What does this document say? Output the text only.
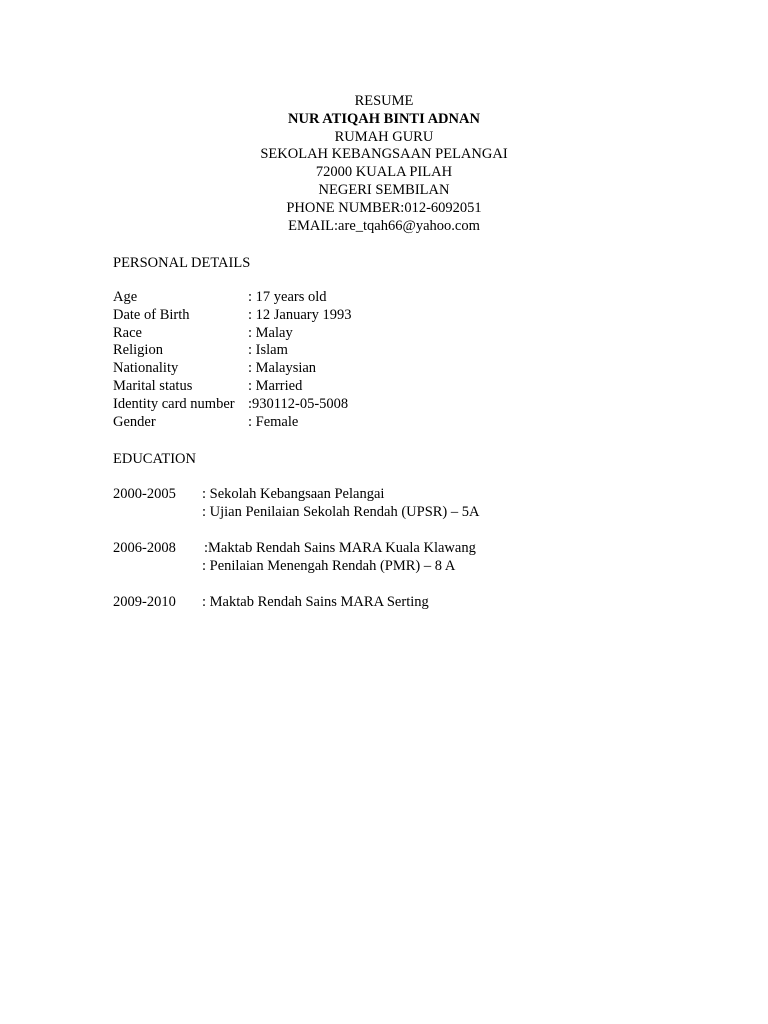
RESUME
NUR ATIQAH BINTI ADNAN
RUMAH GURU
SEKOLAH KEBANGSAAN PELANGAI
72000 KUALA PILAH
NEGERI SEMBILAN
PHONE NUMBER:012-6092051
EMAIL:are_tqah66@yahoo.com
PERSONAL DETAILS
Age	: 17 years old
Date of Birth	: 12 January 1993
Race	: Malay
Religion	: Islam
Nationality	: Malaysian
Marital status	: Married
Identity card number :930112-05-5008
Gender	: Female
EDUCATION
2000-2005 : Sekolah Kebangsaan Pelangai
: Ujian Penilaian Sekolah Rendah (UPSR) – 5A
2006-2008 :Maktab Rendah Sains MARA Kuala Klawang
: Penilaian Menengah Rendah (PMR) – 8 A
2009-2010 : Maktab Rendah Sains MARA Serting
